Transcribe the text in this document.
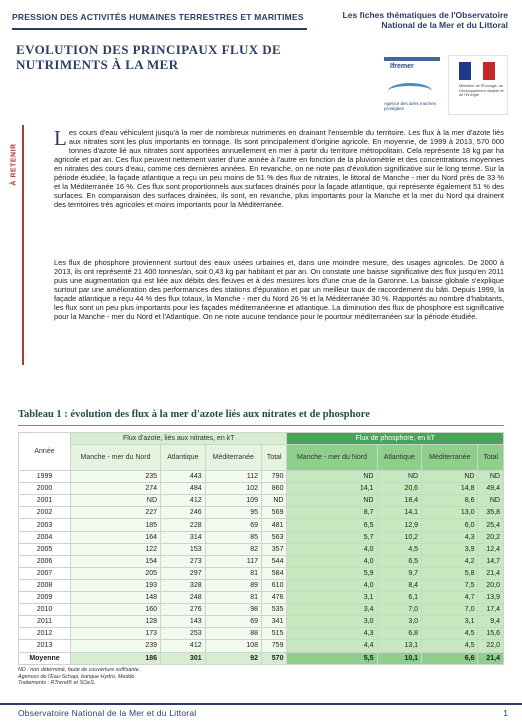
PRESSION DES ACTIVITÉS HUMAINES TERRESTRES ET MARITIMES	Les fiches thématiques de l'Observatoire National de la Mer et du Littoral
EVOLUTION DES PRINCIPAUX FLUX DE NUTRIMENTS À LA MER	Ifremer
Agence des aires marines protégées
Ministère de l'Écologie, du Développement durable et de l'Énergie
À RETENIR
Les cours d'eau véhiculent jusqu'à la mer de nombreux nutriments en drainant l'ensemble du territoire. Les flux à la mer d'azote liés aux nitrates sont les plus importants en tonnage. Ils sont principalement d'origine agricole. En moyenne, de 1999 à 2013, 570 000 tonnes d'azote lié aux nitrates sont apportées annuellement en mer à partir du territoire métropolitain. Cela représente 18 kg par ha agricole et par an. Ces flux peuvent nettement varier d'une année à l'autre en fonction de la pluviométrie et des concentrations moyennes en nitrates des cours d'eau, comme ces dernières années. En revanche, on ne note pas d'évolution significative sur le long terme. Sur la période étudiée, la façade atlantique a reçu un peu moins de 51 % des flux de nitrates, le littoral de Manche - mer du Nord près de 33 % et la Méditerranée 16 %. Ces flux sont proportionnels aux surfaces drainés pour la façade atlantique, qui représente également 51 % des surfaces. En comparaison des surfaces drainées, ils sont, en revanche, plus importants pour la Manche et la mer du Nord qui drainent des territoires très agricoles et moins importants pour la Méditerranée.
Les flux de phosphore proviennent surtout des eaux usées urbaines et, dans une moindre mesure, des usages agricoles. De 2000 à 2013, ils ont représenté 21 400 tonnes/an, soit 0,43 kg par habitant et par an. On constate une baisse significative des flux jusqu'en 2011 puis une augmentation qui est liée aux débits des fleuves et à des mesures lors d'une crue de la Garonne. La baisse globale s'explique surtout par une amélioration des performances des stations d'épuration et par un meilleur taux de raccordement du bâti. Depuis 1999, la façade atlantique a reçu 44 % des flux totaux, la Manche - mer du Nord 26 % et la Méditerranée 30 %. Rapportés au nombre d'habitants, les flux sont un peu plus importants pour les façades méditerranéenne et atlantique. La diminution des flux de phosphore est significative pour la Manche - mer du Nord et l'Atlantique. On ne note aucune tendance pour le pourtour méditerranéen sur la période étudiée.
Tableau 1 : évolution des flux à la mer d'azote liés aux nitrates et de phosphore
Année	Flux d'azote, liés aux nitrates, en kT				Flux de phosphore, en kT			
	Manche - mer du Nord	Atlantique	Méditerranée	Total	Manche - mer du Nord	Atlantique	Méditerranée	Total
1999	235	443	112	790	ND	ND	ND	ND
2000	274	484	102	860	14,1	20,6	14,8	49,4
2001	ND	412	109	ND	ND	18,4	8,6	ND
2002	227	246	95	569	8,7	14,1	13,0	35,8
2003	185	228	69	481	6,5	12,9	6,0	25,4
2004	164	314	85	563	5,7	10,2	4,3	20,2
2005	122	153	82	357	4,0	4,5	3,9	12,4
2006	154	273	117	544	4,0	6,5	4,2	14,7
2007	205	297	81	584	5,9	9,7	5,8	21,4
2008	193	328	89	610	4,0	8,4	7,5	20,0
2009	148	248	81	476	3,1	6,1	4,7	13,9
2010	160	276	98	535	3,4	7,0	7,0	17,4
2011	128	143	69	341	3,0	3,0	3,1	9,4
2012	173	253	88	515	4,3	6,8	4,5	15,6
2013	239	412	108	759	4,4	13,1	4,5	22,0
Moyenne	186	301	92	570	5,5	10,1	6,6	21,4
ND : non déterminé, faute de couverture suffisante.
Agences de l'Eau-Schapi, banque Hydro, Medde.
Traitements : RTrend® et SOeS.
Observatoire National de la Mer et du Littoral	1
